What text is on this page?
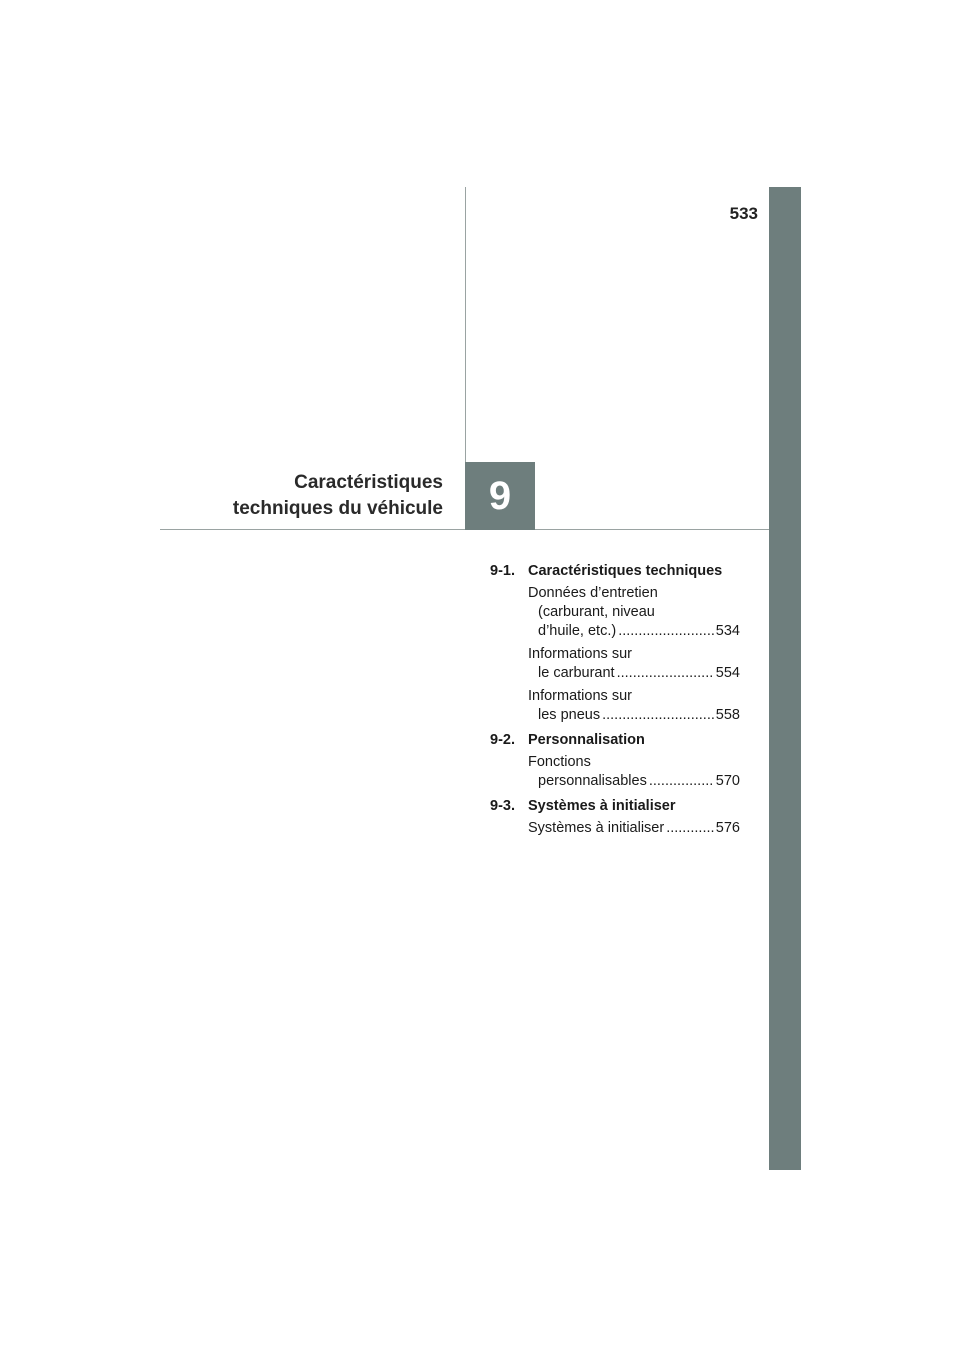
533
Caractéristiques
techniques du véhicule 9
9-1. Caractéristiques techniques
Données d’entretien
(carburant, niveau
d’huile, etc.) .....	534
Informations sur
le carburant .....	554
Informations sur
les pneus .....	558
9-2. Personnalisation
Fonctions
personnalisables .....	570
9-3. Systèmes à initialiser
Systèmes à initialiser .....	576
